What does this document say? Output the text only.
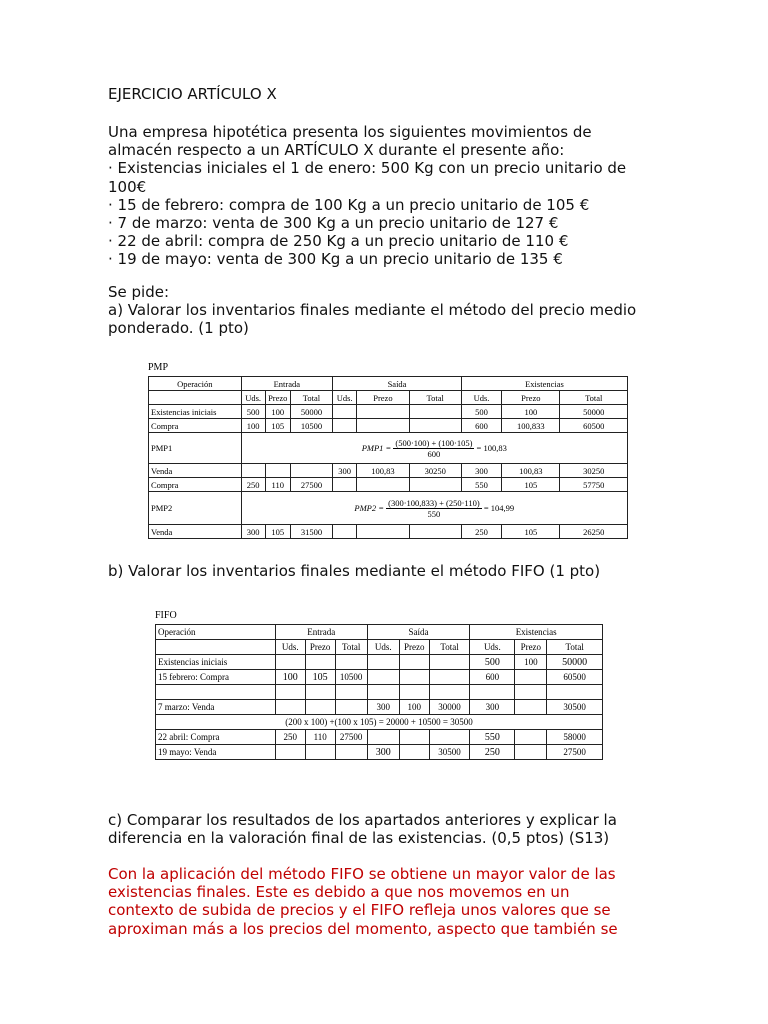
EJERCICIO ARTÍCULO X
Una empresa hipotética presenta los siguientes movimientos de
almacén respecto a un ARTÍCULO X durante el presente año:
· Existencias iniciales el 1 de enero: 500 Kg con un precio unitario de
100€
· 15 de febrero: compra de 100 Kg a un precio unitario de 105 €
· 7 de marzo: venta de 300 Kg a un precio unitario de 127 €
· 22 de abril: compra de 250 Kg a un precio unitario de 110 €
· 19 de mayo: venta de 300 Kg a un precio unitario de 135 €
Se pide:
a) Valorar los inventarios finales mediante el método del precio medio
ponderado. (1 pto)
PMP
Operación	Entrada			Saída			Existencias		
	Uds.	Prezo	Total	Uds.	Prezo	Total	Uds.	Prezo	Total
Existencias iniciais	500	100	50000				500	100	50000
Compra	100	105	10500				600	100,833	60500
PMP1	$PMP1 = \frac{(500\cdot 100) + (100\cdot 105)}{600} = 100,83$								
Venda				300	100,83	30250	300	100,83	30250
Compra	250	110	27500				550	105	57750
PMP2	$PMP2 = \frac{(300\cdot 100,833) + (250\cdot 110)}{550} = 104,99$								
Venda	300	105	31500				250	105	26250
b) Valorar los inventarios finales mediante el método FIFO (1 pto)
FIFO
Operación	Entrada			Saída			Existencias		
	Uds.	Prezo	Total	Uds.	Prezo	Total	Uds.	Prezo	Total
Existencias iniciais							500	100	50000
15 febrero: Compra	100	105	10500				600		60500

7 marzo: Venda				300	100	30000	300		30500
(200 x 100) +(100 x 105) = 20000 + 10500 = 30500									
22 abril: Compra	250	110	27500				550		58000
19 mayo: Venda				300		30500	250		27500
c) Comparar los resultados de los apartados anteriores y explicar la
diferencia en la valoración final de las existencias. (0,5 ptos) (S13)
Con la aplicación del método FIFO se obtiene un mayor valor de las
existencias finales. Este es debido a que nos movemos en un
contexto de subida de precios y el FIFO refleja unos valores que se
aproximan más a los precios del momento, aspecto que también se
